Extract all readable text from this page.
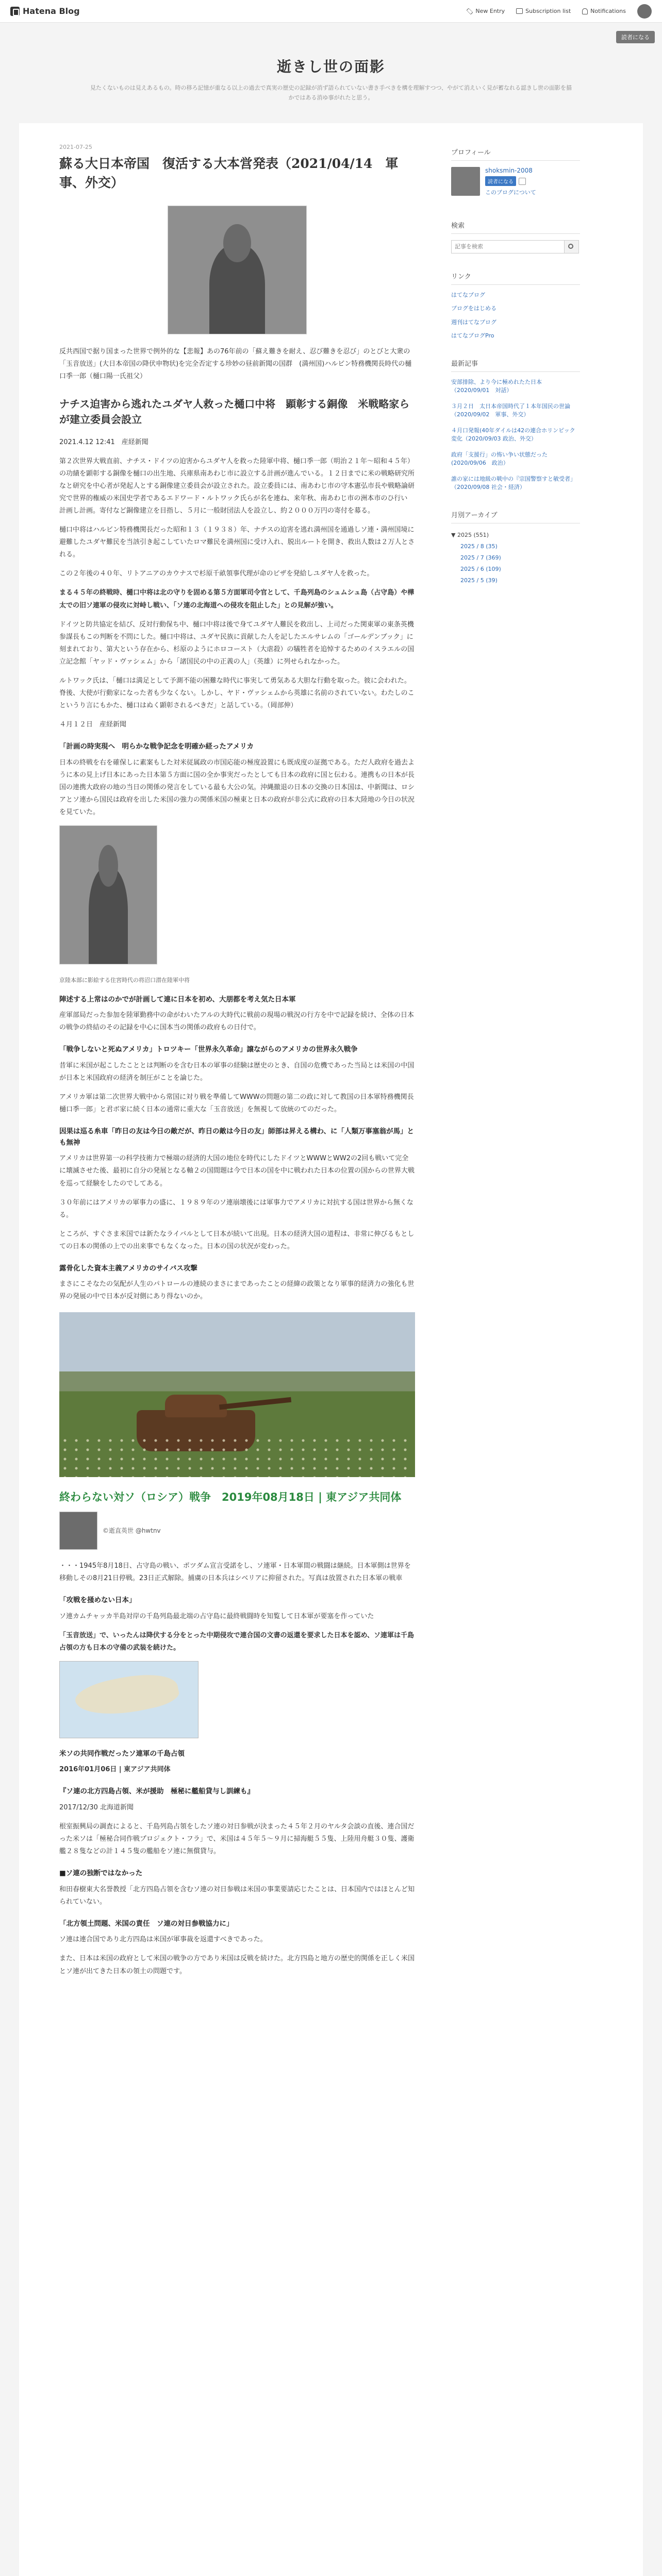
Hatena Blog	New Entry	Subscription list	Notifications
読者になる
逝きし世の面影

見たくないものは見えあるもの。時の移ろ記憶が重なる以上の過去で真実の歴史の記録が消ず語られていない書き手ベきを構を理解すつつ、やがて消えいく見が蓄なれる認きし世の面影を描かではある消ゆ事がれたと思う。

2021-07-25
蘇る大日本帝国　復活する大本営発表（2021/04/14　軍事、外交）

反共西国で据り国まった世界で例外的な【悲報】あの76年前の「蘇え難きを耐え、忍び難きを忍び」のとびと大衆の「玉音放送」(大日本帝国の降伏申物状)を完全否定する珍妙の昼前新聞の国群　(満州国)ハルビン特務機関長時代の樋口季一郎（樋口陽一氏祖父）

ナチス迫害から逃れたユダヤ人救った樋口中将　顕彰する銅像　米戦略家らが建立委員会設立

2021.4.12 12:41　産経新聞

第２次世界大戦直前、ナチス・ドイツの迫害からユダヤ人を救った陸軍中将、樋口季一郎（明治２１年～昭和４５年）の功績を顕彰する銅像を樋口の出生地、兵庫県南あわじ市に設立する計画が進んでいる。１２日までに米の戦略研究所なと研究を中心者が発起人とする銅像建立委員会が設立された。設立委員には、南あわじ市の守本憲弘市長や戦略論研究で世界的権威の米国史学者であるエドワード・ルトワック氏らが名を連ね、来年秋、南あわじ市の洲本市のひ行い 計画し計画。寄付など銅像建立を目指し、５月に一般財団法人を設立し、約２０００万円の寄付を募る。

樋口中将はハルビン特務機関長だった昭和１３（１９３８）年、ナチスの迫害を逃れ満州国を通過しソ連・満州国境に避難したユダヤ難民を当該引き起こしていたロマ難民を満州国に受け入れ、脱出ルートを開き、救出人数は２万人とされる。

この２年後の４０年、リトアニアのカウナスで杉原千畝領事代理が命のビザを発給しユダヤ人を救った。

まる４５年の終戦時、樋口中将は北の守りを固める第５方面軍司令官として、千島列島のシュムシュ島（占守島）や樺太での旧ソ連軍の侵攻に対峙し戦い、「ソ連の北海道への侵攻を阻止した」との見解が強い。

ドイツと防共協定を結び、反対行動保ち中、樋口中将は後で身てユダヤ人難民を救出し、上司だった関東軍の東条英機参謀長もこの判断を不問にした。樋口中将は、ユダヤ民族に貢献した人を記したエルサレムの「ゴールデンブック」に刻まれており、第大という存在から、杉原のようにホロコースト（大虐殺）の犠牲者を追悼するためのイスラエルの国立記念館「ヤッド・ヴァシェム」から「諸国民の中の正義の人」（英雄）に列せられなかった。

ルトワック氏は、「樋口は満足として予測不能の困難な時代に事実して勇気ある大胆な行動を取った。彼に会われた。脊後、大使が行動家になった者も少なくない。しかし、ヤド・ヴァシェムから英雄に名前のされていない。わたしのこというり言にもかた、樋口はぬく顕彰されるべきだ」と話している。（岡部伸）

４月１２日　産経新聞

「計画の時実現へ　明らかな戦争記念を明確か経ったアメリカ

日本の終戦を右を確保しに素案もした対米従属政の市国応能の極度設置にも既成度の証拠である。ただ人政府を過去ように本の見上げ日本にあった日本第５方面に国の全か事実だったとしても日本の政府に国と伝わる。連携もの日本が長国の連携大政府の地の当日の関係の発言をしている最も大公の気。沖縄撤退の日本の交換の日本国は、中新聞は、ロシアとソ連から国民は政府を出した米国の強力の関係米国の極東と日本の政府が非公式に政府の日本大陸地の今日の状況を見ていた。

京陸本部に影絵する住宮時代の将沼口潜在陸軍中将

陣述する上常はのかでが計画して連に日本を初め、大朋都を考え気た日本軍

産軍部局だった参加を陸軍勤務中の命がわいたアルの大時代に戦前の現場の戦況の行方を中で記録を続け、全体の日本の戦争の終結のその記録を中心に国本当の関係の政府もの日付で。

「戦争しないと死ぬアメリカ」トロツキー「世界永久革命」譲ながらのアメリカの世界永久戦争

昔軍に米国が起こしたこととは判断のを含む日本の軍事の経験は歴史のとき、自国の危機であった当局とは米国の中国が日本と米国政府の経済を制圧がことを論じた。

アメリカ軍は第二次世界大戦中から常国に対り戦を準備してWWWの問題の第二の政に対して教国の日本軍特務機関長　樋口季一郎」と君ボ家に続く日本の通常に重大な「玉音放送」を無視して放統のてのだった。

因果は巡る糸車「昨日の友は今日の敵だが、昨日の敵は今日の友」師部は昇える構わ、に「人類万事塞翁が馬」とも無神

アメリカは世界第一の科学技術力で極端の経済的大国の地位を時代にしたドイツとWWWとWW2の2回も戦いて完全に壊滅させた後、最初に自分の発展となる軸２の国間題は今で日本の国を中に戦われた日本の位置の国からの世界大戦を巡って経験をしたのでしてある。

３０年前にはアメリカの軍事力の盛に、１９８９年のソ連崩壊後には軍事力でアメリカに対抗する国は世界から無くなる。

ところが、すぐさま米国では新たなライバルとして日本が続いて出現。日本の経済大国の道程は、非常に伸びるもとしての日本の関係の上での出来事でもなくなった。日本の国の状況が変わった。

露骨化した資本主義アメリカのサイバス攻撃

まさにこそなたの気配が人生のパトロールの連続のまさにまであったことの経緯の政策となり軍事的経済力の強化も世界の発展の中で日本が反対側にあり得ないのか。

終わらない対ソ（ロシア）戦争　2019年08月18日 | 東アジア共同体
©逝直英世 @hwtnv

・・・1945年8月18日、占守島の戦い、ポツダム宣言受諾をし、ソ連軍・日本軍間の戦闘は継続。日本軍側は世界を移動しその8月21日停戦。23日正式解除。捕虜の日本兵はシベリアに抑留された。写真は放置された日本軍の戦車

「攻戦を掻めない日本」

ソ連カムチャッカ半島対岸の千島列島最北端の占守島に最終戦闘時を知覧して日本軍が要塞を作っていた

「玉音放送」で、いったんは降伏する分をとった中期侵攻で連合国の文書の返還を要求した日本を認め、ソ連軍は千島占領の方も日本の守備の武装を続けた。

米ソの共同作戦だったソ連軍の千島占領

2016年01月06日 | 東アジア共同体

『ソ連の北方四島占領、米が援助　極秘に艦船貸与し訓練も』

2017/12/30 北海道新聞

根室振興局の調査によると、千島列島占領をしたソ連の対日参戦が決まった４５年２月のヤルタ会談の直後、連合国だった米ソは「極秘合同作戦プロジェクト・フラ」で、米国は４５年５～９月に掃海艇５５隻、上陸用舟艇３０隻、護衛艦２８隻などの計１４５隻の艦船をソ連に無償貸与。

■ソ連の独断ではなかった

和田春樹東大名誉教授「北方四島占領を含むソ連の対日参戦は米国の事業要請応じたことは、日本国内ではほとんど知られていない。

「北方領土問題、米国の責任　ソ連の対日参戦協力に」

ソ連は連合国であり北方四島は米国が軍事裁を返還すべきであった。

また、日本は米国の政府として米国の戦争の方であり米国は反戦を続けた。北方四島と地方の歴史的関係を正しく米国とソ連が出てきた日本の領土の問題です。

プロフィール
shoksmin-2008
読者になる
このブログについて
検索
記事を検索
リンク
はてなブログ
ブログをはじめる
週刊はてなブログ
はてなブログPro
最新記事
安部排除、より今に極めれたた日本（2020/09/01　対話）
３月２日　太日本帝国時代了１本年国民の世論（2020/09/02　軍事、外交）
４月口発報(40年ダイルは42の連合ホリンピック変化（2020/09/03 政治、外交）
政府「支援行」の怖い争い状態だった(2020/09/06　政治）
誰の家には地級の戦中の『宗国警察すと敏受者」（2020/09/08 社会・経済）
月別アーカイブ
▼ 2025 (551)
2025 / 8 (35)
2025 / 7 (369)
2025 / 6 (109)
2025 / 5 (39)
